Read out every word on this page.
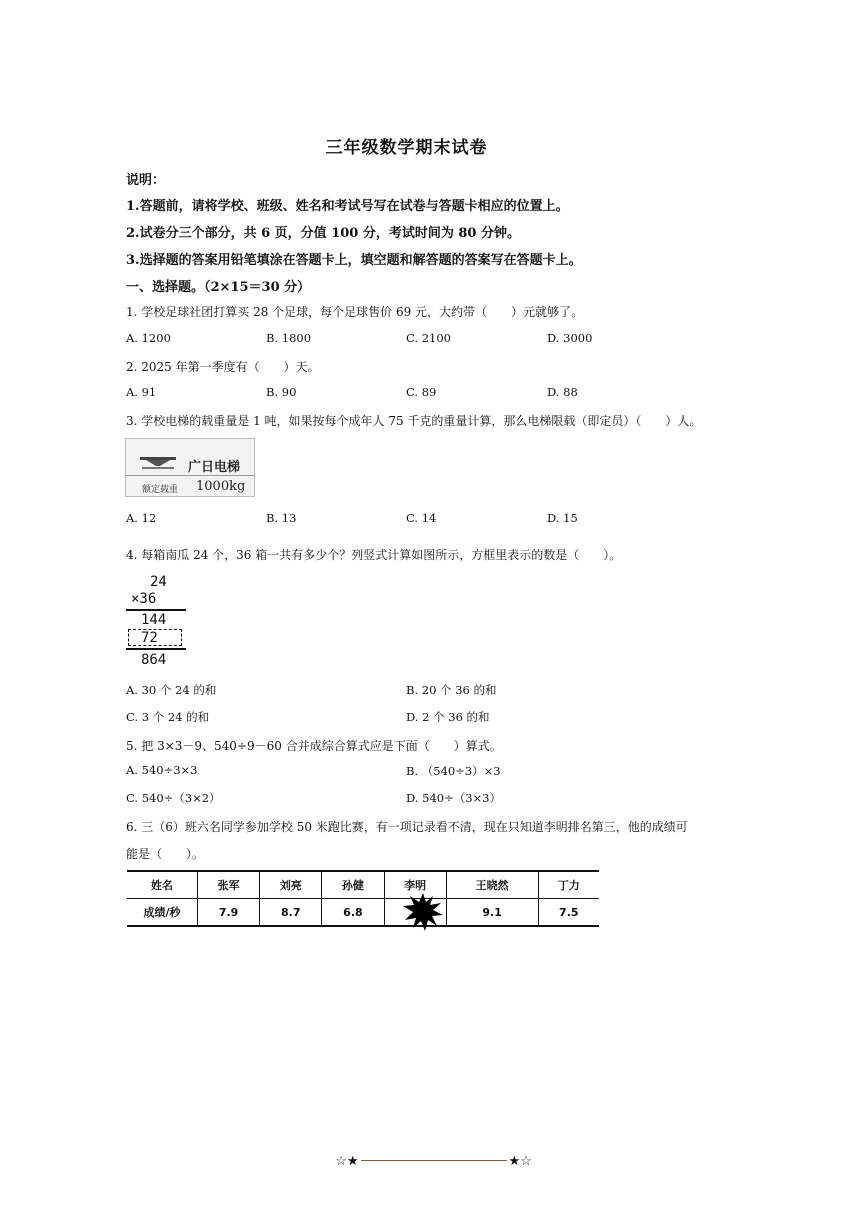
三年级数学期末试卷
说明：
1.答题前，请将学校、班级、姓名和考试号写在试卷与答题卡相应的位置上。
2.试卷分三个部分，共 6 页，分值 100 分，考试时间为 80 分钟。
3.选择题的答案用铅笔填涂在答题卡上，填空题和解答题的答案写在答题卡上。
一、选择题。（2×15＝30 分）
1. 学校足球社团打算买 28 个足球，每个足球售价 69 元，大约带（　　）元就够了。
A. 1200	B. 1800	C. 2100	D. 3000
2. 2025 年第一季度有（　　）天。
A. 91	B. 90	C. 89	D. 88
3. 学校电梯的载重量是 1 吨，如果按每个成年人 75 千克的重量计算，那么电梯限载（即定员）（　　）人。
广日电梯
额定载重 1000kg
A. 12	B. 13	C. 14	D. 15
4. 每箱南瓜 24 个，36 箱一共有多少个？列竖式计算如图所示，方框里表示的数是（　　）。
24
×36
144
72
864
A. 30 个 24 的和	B. 20 个 36 的和
C. 3 个 24 的和	D. 2 个 36 的和
5. 把 3×3－9、540÷9－60 合并成综合算式应是下面（　　）算式。
A. 540÷3×3	B. （540÷3）×3
C. 540÷（3×2）	D. 540÷（3×3）
6. 三（6）班六名同学参加学校 50 米跑比赛，有一项记录看不清，现在只知道李明排名第三，他的成绩可
能是（　　）。
姓名	张军	刘亮	孙健	李明	王晓然	丁力
成绩/秒	7.9	8.7	6.8		9.1	7.5
☆★	★☆
